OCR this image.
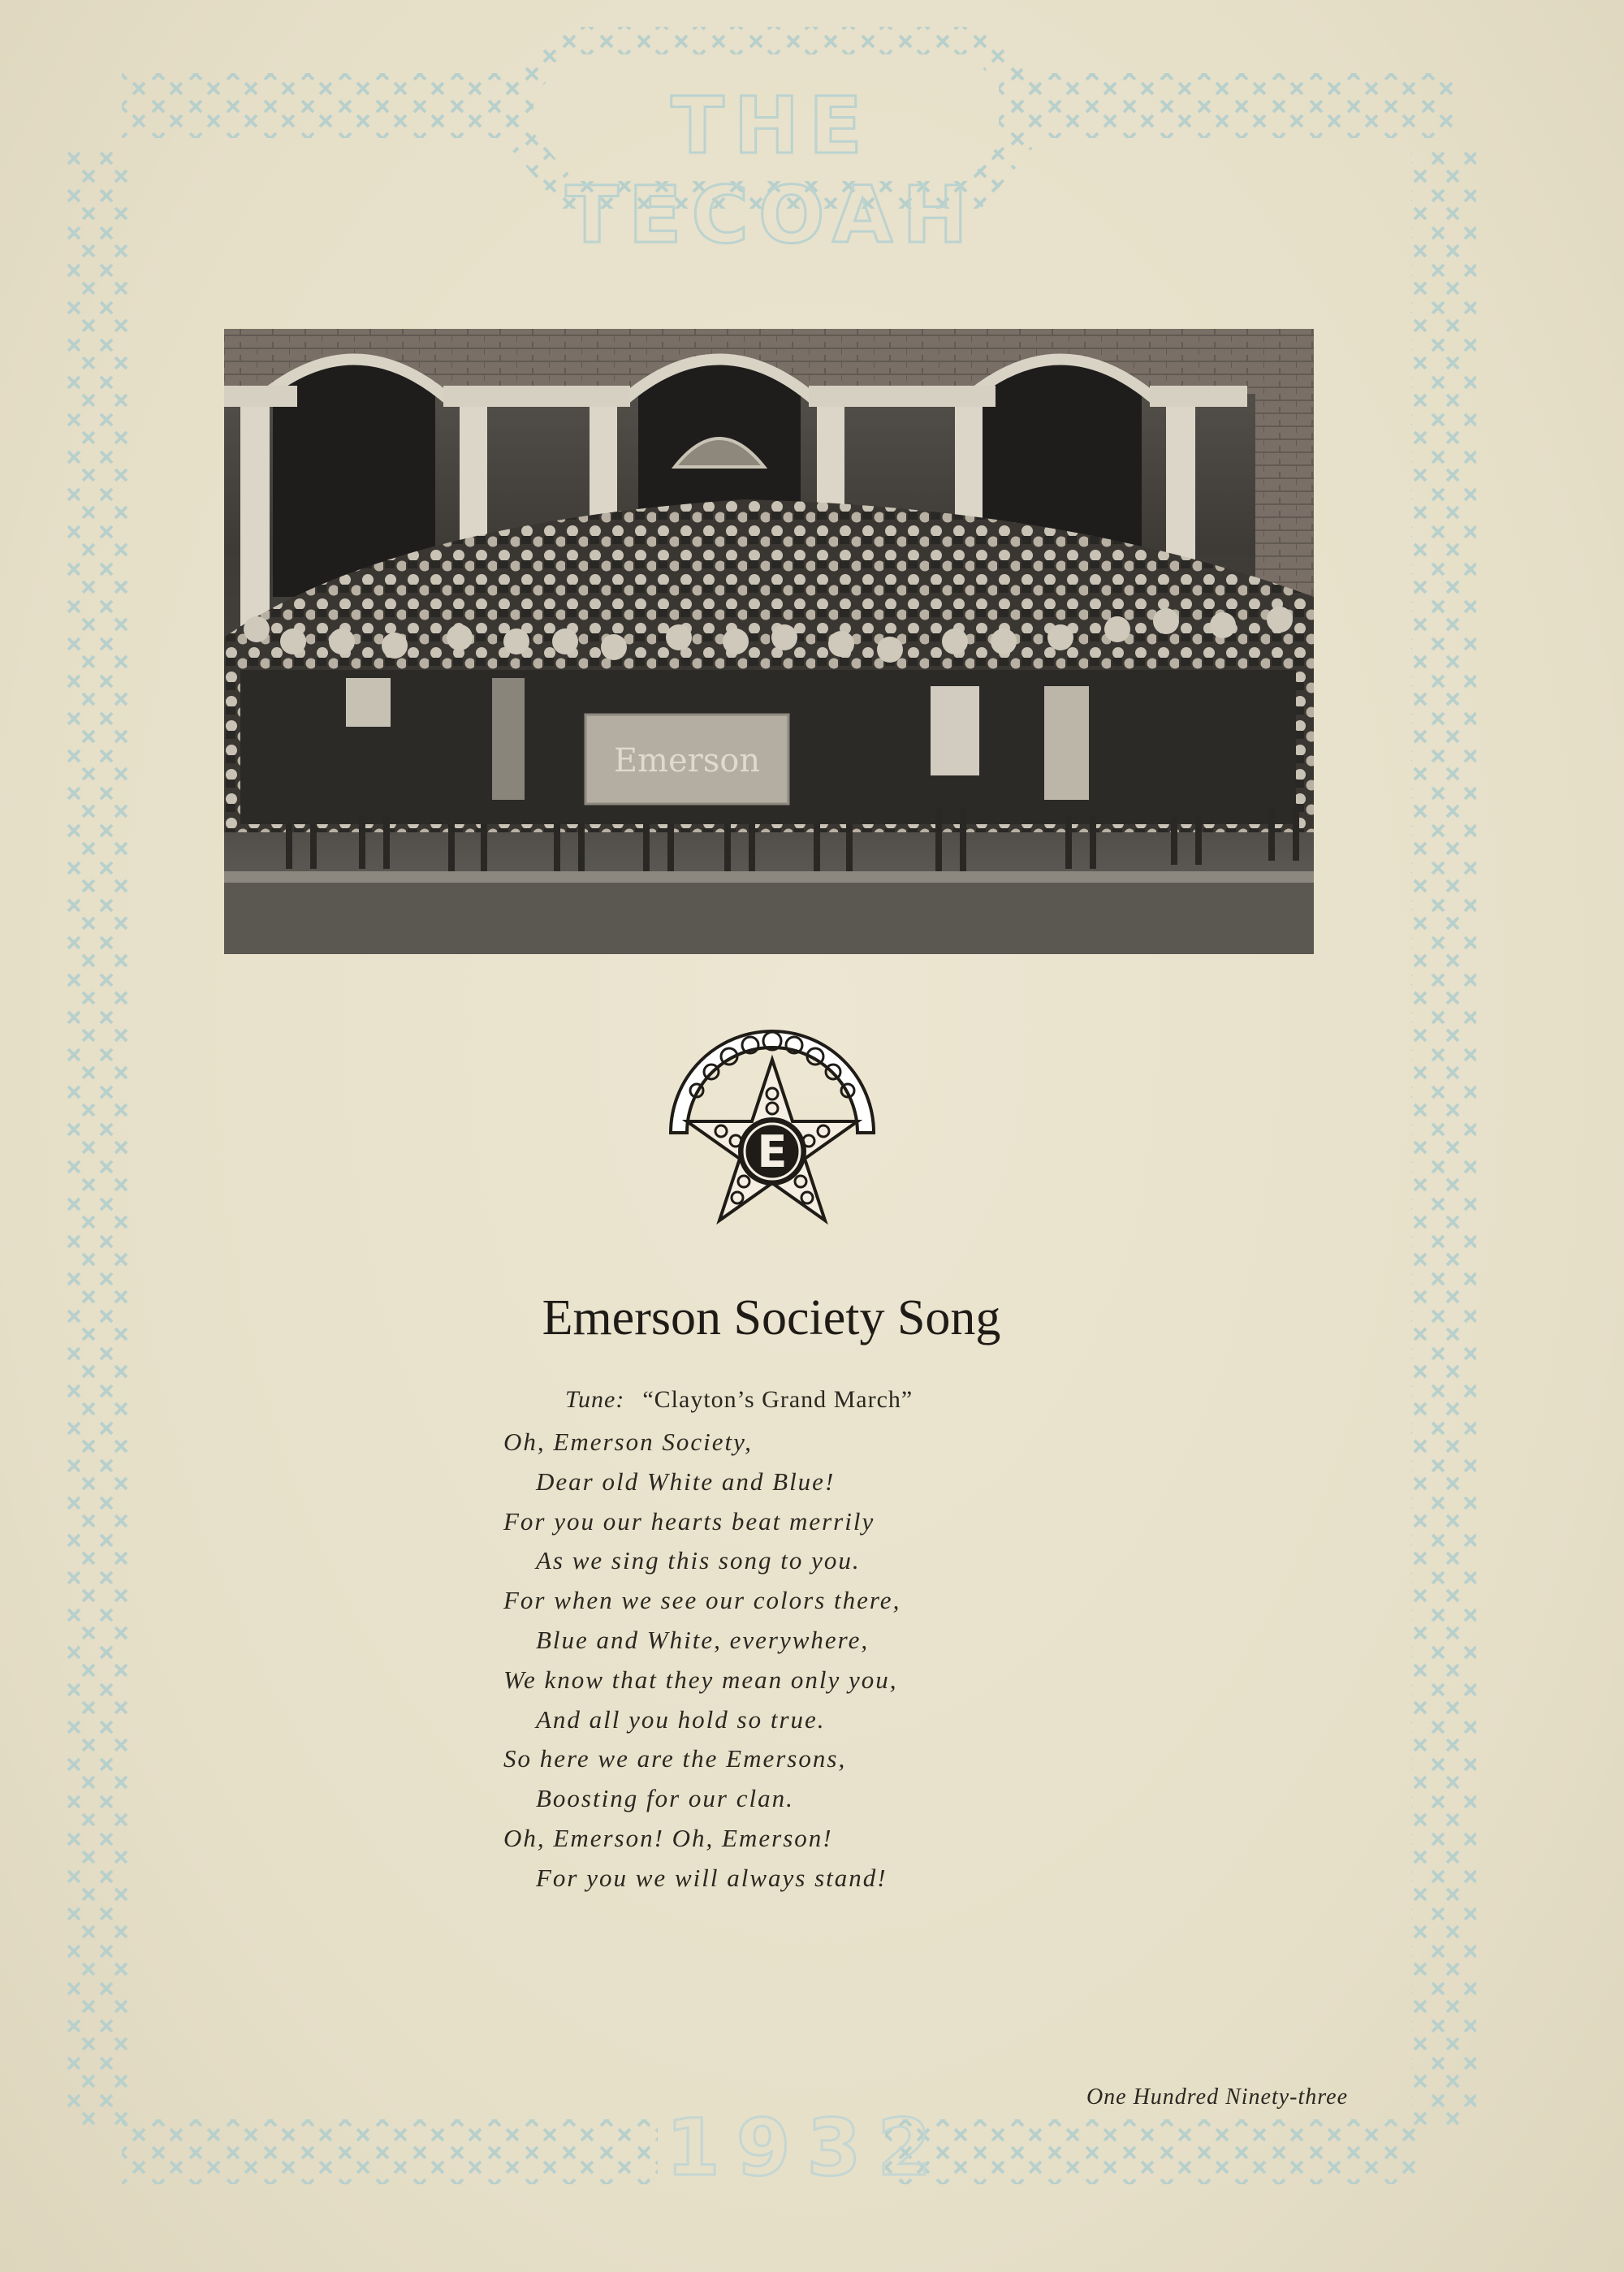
THE TECOAH
Emerson
E
Emerson Society Song
Tune: “Clayton’s Grand March”
Oh, Emerson Society,
Dear old White and Blue!
For you our hearts beat merrily
As we sing this song to you.
For when we see our colors there,
Blue and White, everywhere,
We know that they mean only you,
And all you hold so true.
So here we are the Emersons,
Boosting for our clan.
Oh, Emerson! Oh, Emerson!
For you we will always stand!
One Hundred Ninety-three
1932
